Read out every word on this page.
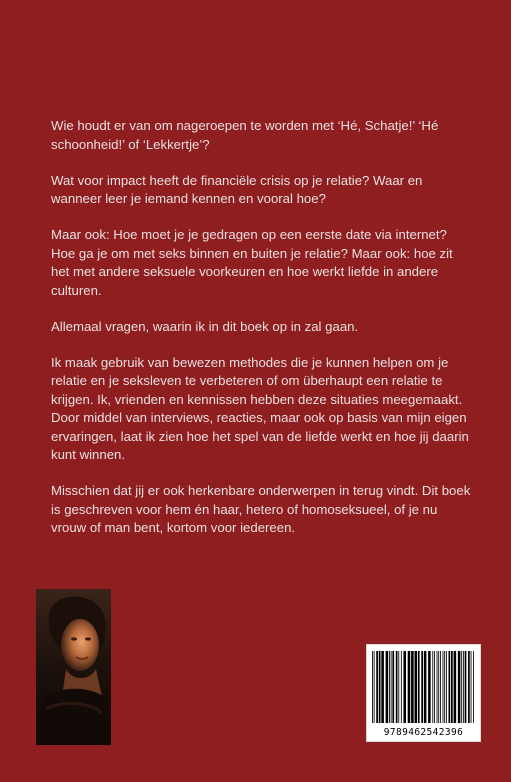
Wie houdt er van om nageroepen te worden met ‘Hé, Schatje!’ ‘Hé schoonheid!’ of ‘Lekkertje’?

Wat voor impact heeft de financiële crisis op je relatie? Waar en wanneer leer je iemand kennen en vooral hoe?

Maar ook: Hoe moet je je gedragen op een eerste date via internet? Hoe ga je om met seks binnen en buiten je relatie? Maar ook: hoe zit het met andere seksuele voorkeuren en hoe werkt liefde in andere culturen.

Allemaal vragen, waarin ik in dit boek op in zal gaan.

Ik maak gebruik van bewezen methodes die je kunnen helpen om je relatie en je seksleven te verbeteren of om überhaupt een relatie te krijgen. Ik, vrienden en kennissen hebben deze situaties meegemaakt. Door middel van interviews, reacties, maar ook op basis van mijn eigen ervaringen, laat ik zien hoe het spel van de liefde werkt en hoe jij daarin kunt winnen.

Misschien dat jij er ook herkenbare onderwerpen in terug vindt. Dit boek is geschreven voor hem én haar, hetero of homoseksueel, of je nu vrouw of man bent, kortom voor iedereen.

9789462542396
